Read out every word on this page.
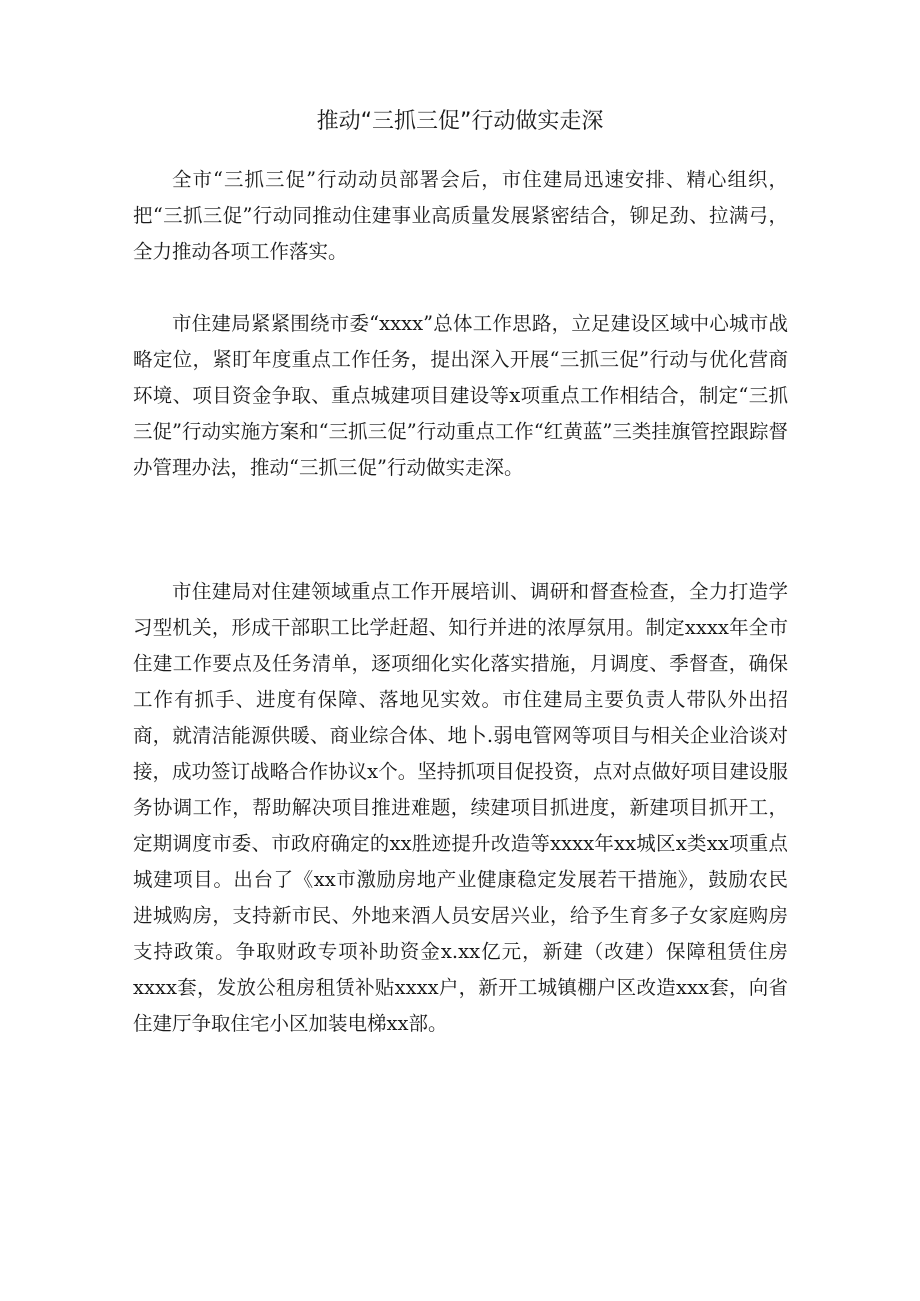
推动“三抓三促”行动做实走深

全市“三抓三促”行动动员部署会后，市住建局迅速安排、精心组织，把“三抓三促”行动同推动住建事业高质量发展紧密结合，铆足劲、拉满弓，全力推动各项工作落实。

市住建局紧紧围绕市委“xxxx”总体工作思路，立足建设区域中心城市战略定位，紧盯年度重点工作任务，提出深入开展“三抓三促”行动与优化营商环境、项目资金争取、重点城建项目建设等x项重点工作相结合，制定“三抓三促”行动实施方案和“三抓三促”行动重点工作“红黄蓝”三类挂旗管控跟踪督办管理办法，推动“三抓三促”行动做实走深。

市住建局对住建领域重点工作开展培训、调研和督查检查，全力打造学习型机关，形成干部职工比学赶超、知行并进的浓厚氛用。制定xxxx年全市住建工作要点及任务清单，逐项细化实化落实措施，月调度、季督查，确保工作有抓手、进度有保障、落地见实效。市住建局主要负责人带队外出招商，就清洁能源供暖、商业综合体、地卜.弱电管网等项目与相关企业洽谈对接，成功签订战略合作协议x个。坚持抓项目促投资，点对点做好项目建设服务协调工作，帮助解决项目推进难题，续建项目抓进度，新建项目抓开工，定期调度市委、市政府确定的xx胜迹提升改造等xxxx年xx城区x类xx项重点城建项目。出台了《xx市激励房地产业健康稳定发展若干措施》，鼓励农民进城购房，支持新市民、外地来酒人员安居兴业，给予生育多子女家庭购房支持政策。争取财政专项补助资金x.xx亿元，新建（改建）保障租赁住房xxxx套，发放公租房租赁补贴xxxx户，新开工城镇棚户区改造xxx套，向省住建厅争取住宅小区加装电梯xx部。
